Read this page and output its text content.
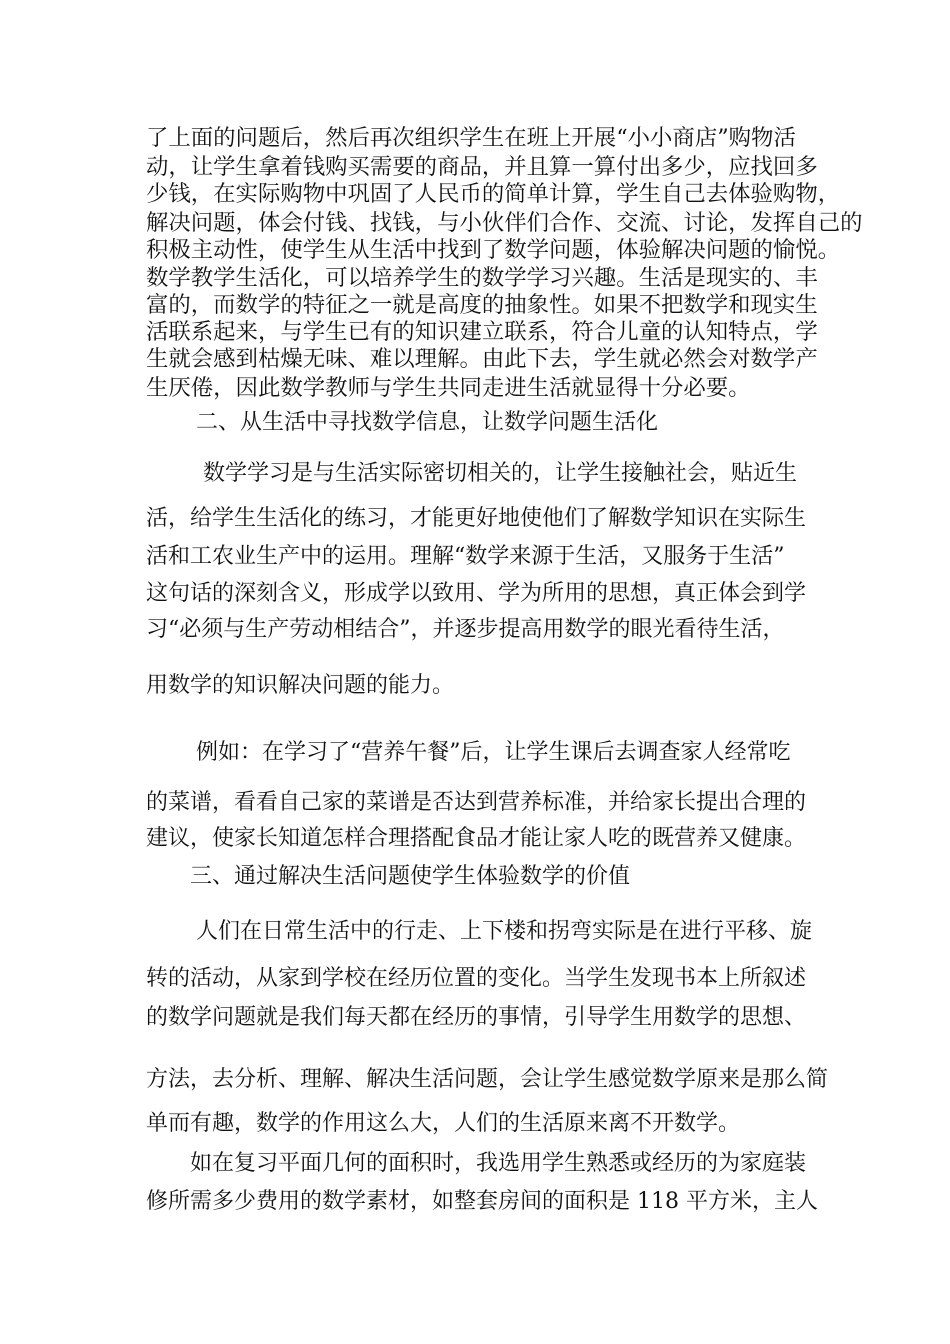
了上面的问题后，然后再次组织学生在班上开展“小小商店”购物活
动，让学生拿着钱购买需要的商品，并且算一算付出多少，应找回多
少钱，在实际购物中巩固了人民币的简单计算，学生自己去体验购物，
解决问题，体会付钱、找钱，与小伙伴们合作、交流、讨论，发挥自己的
积极主动性，使学生从生活中找到了数学问题，体验解决问题的愉悦。
数学教学生活化，可以培养学生的数学学习兴趣。生活是现实的、丰
富的，而数学的特征之一就是高度的抽象性。如果不把数学和现实生
活联系起来，与学生已有的知识建立联系，符合儿童的认知特点，学
生就会感到枯燥无味、难以理解。由此下去，学生就必然会对数学产
生厌倦，因此数学教师与学生共同走进生活就显得十分必要。
二、从生活中寻找数学信息，让数学问题生活化
数学学习是与生活实际密切相关的，让学生接触社会，贴近生
活，给学生生活化的练习，才能更好地使他们了解数学知识在实际生
活和工农业生产中的运用。理解“数学来源于生活，又服务于生活”
这句话的深刻含义，形成学以致用、学为所用的思想，真正体会到学
习“必须与生产劳动相结合”，并逐步提高用数学的眼光看待生活，
用数学的知识解决问题的能力。
例如：在学习了“营养午餐”后，让学生课后去调查家人经常吃
的菜谱，看看自己家的菜谱是否达到营养标准，并给家长提出合理的
建议，使家长知道怎样合理搭配食品才能让家人吃的既营养又健康。
三、通过解决生活问题使学生体验数学的价值
人们在日常生活中的行走、上下楼和拐弯实际是在进行平移、旋
转的活动，从家到学校在经历位置的变化。当学生发现书本上所叙述
的数学问题就是我们每天都在经历的事情，引导学生用数学的思想、
方法，去分析、理解、解决生活问题，会让学生感觉数学原来是那么简
单而有趣，数学的作用这么大，人们的生活原来离不开数学。
如在复习平面几何的面积时，我选用学生熟悉或经历的为家庭装
修所需多少费用的数学素材，如整套房间的面积是 118 平方米，主人
